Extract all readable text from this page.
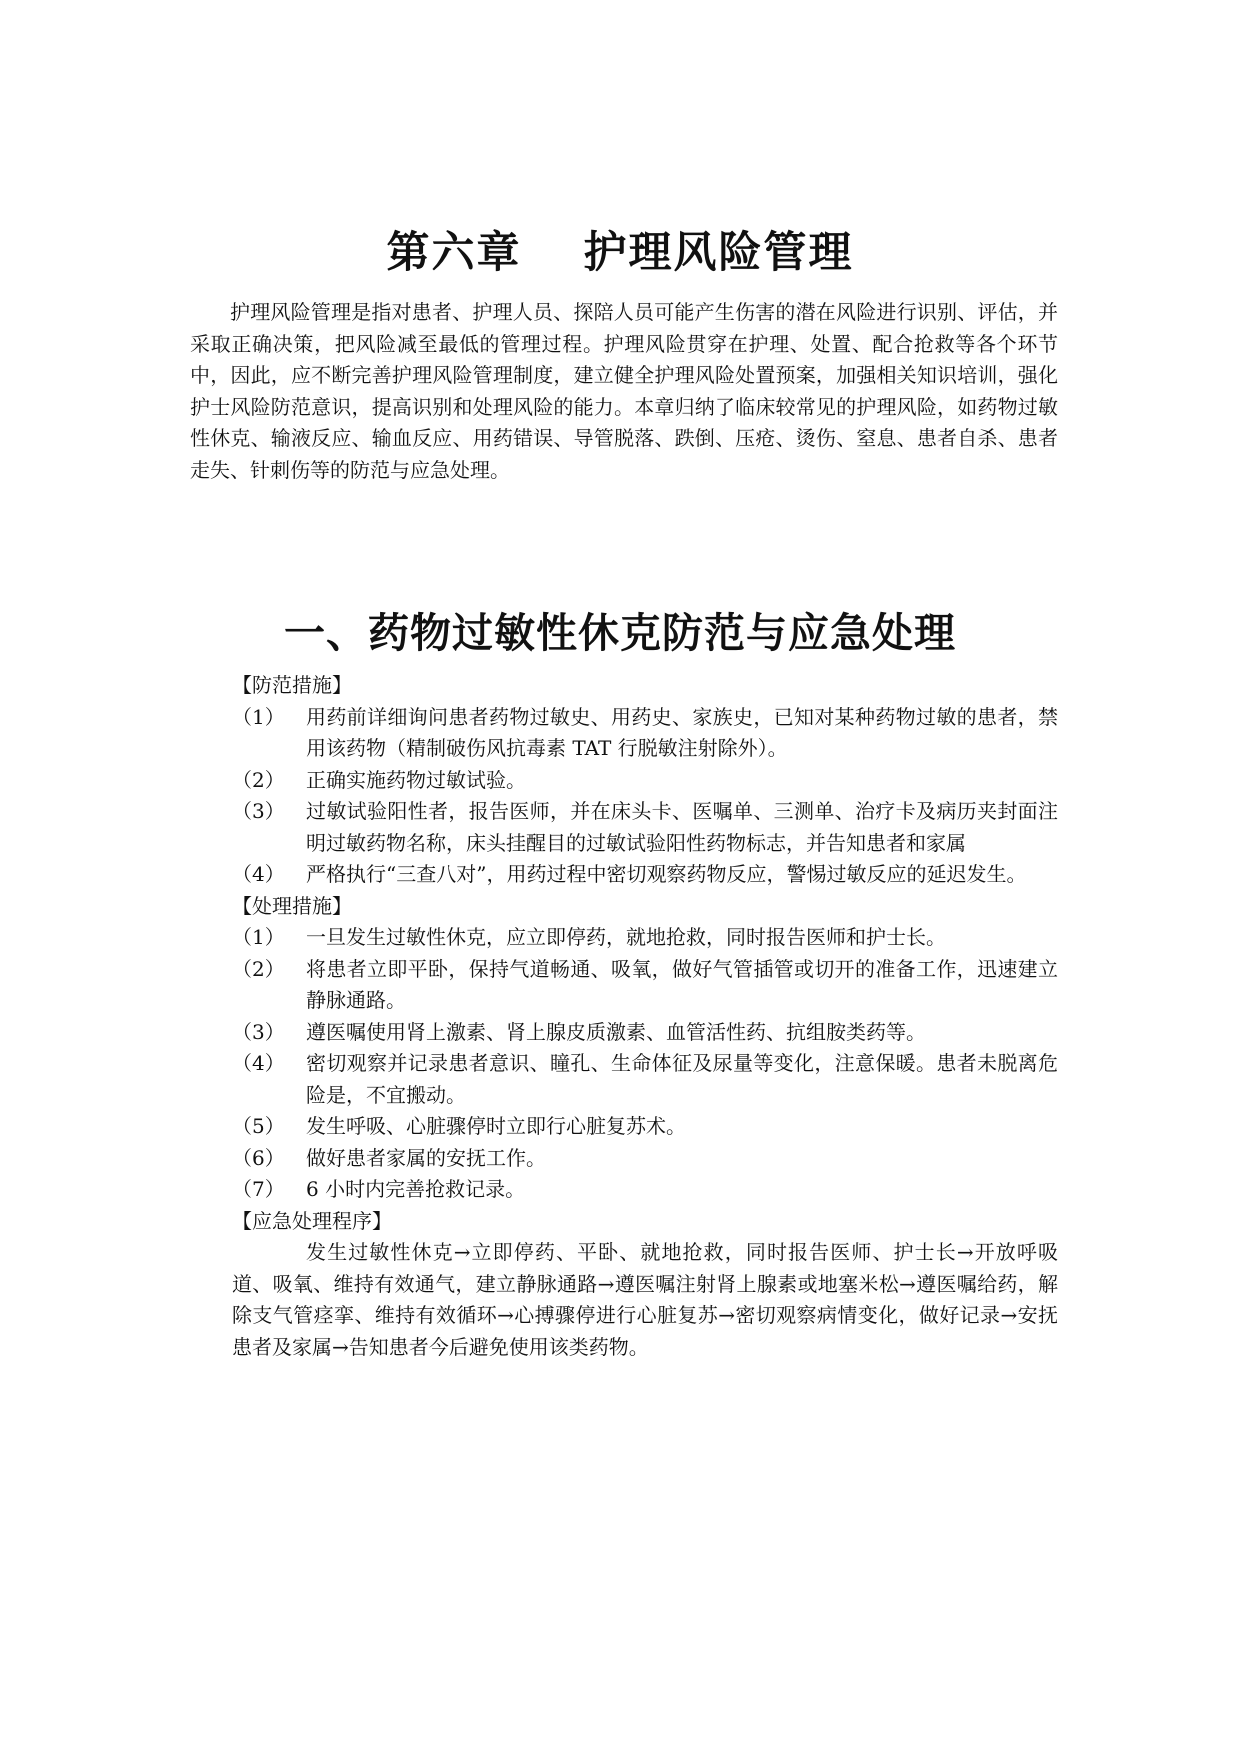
第六章　 护理风险管理

护理风险管理是指对患者、护理人员、探陪人员可能产生伤害的潜在风险进行识别、评估，并采取正确决策，把风险减至最低的管理过程。护理风险贯穿在护理、处置、配合抢救等各个环节中，因此，应不断完善护理风险管理制度，建立健全护理风险处置预案，加强相关知识培训，强化护士风险防范意识，提高识别和处理风险的能力。本章归纳了临床较常见的护理风险，如药物过敏性休克、输液反应、输血反应、用药错误、导管脱落、跌倒、压疮、烫伤、窒息、患者自杀、患者走失、针刺伤等的防范与应急处理。

一、药物过敏性休克防范与应急处理
【防范措施】
（1）	用药前详细询问患者药物过敏史、用药史、家族史，已知对某种药物过敏的患者，禁用该药物（精制破伤风抗毒素 TAT 行脱敏注射除外）。
（2）	正确实施药物过敏试验。
（3）	过敏试验阳性者，报告医师，并在床头卡、医嘱单、三测单、治疗卡及病历夹封面注明过敏药物名称，床头挂醒目的过敏试验阳性药物标志，并告知患者和家属
（4）	严格执行“三查八对”，用药过程中密切观察药物反应，警惕过敏反应的延迟发生。
【处理措施】
（1）	一旦发生过敏性休克，应立即停药，就地抢救，同时报告医师和护士长。
（2）	将患者立即平卧，保持气道畅通、吸氧，做好气管插管或切开的准备工作，迅速建立静脉通路。
（3）	遵医嘱使用肾上激素、肾上腺皮质激素、血管活性药、抗组胺类药等。
（4）	密切观察并记录患者意识、瞳孔、生命体征及尿量等变化，注意保暖。患者未脱离危险是，不宜搬动。
（5）	发生呼吸、心脏骤停时立即行心脏复苏术。
（6）	做好患者家属的安抚工作。
（7）	6 小时内完善抢救记录。
【应急处理程序】

发生过敏性休克→立即停药、平卧、就地抢救，同时报告医师、护士长→开放呼吸道、吸氧、维持有效通气，建立静脉通路→遵医嘱注射肾上腺素或地塞米松→遵医嘱给药，解除支气管痉挛、维持有效循环→心搏骤停进行心脏复苏→密切观察病情变化，做好记录→安抚患者及家属→告知患者今后避免使用该类药物。
